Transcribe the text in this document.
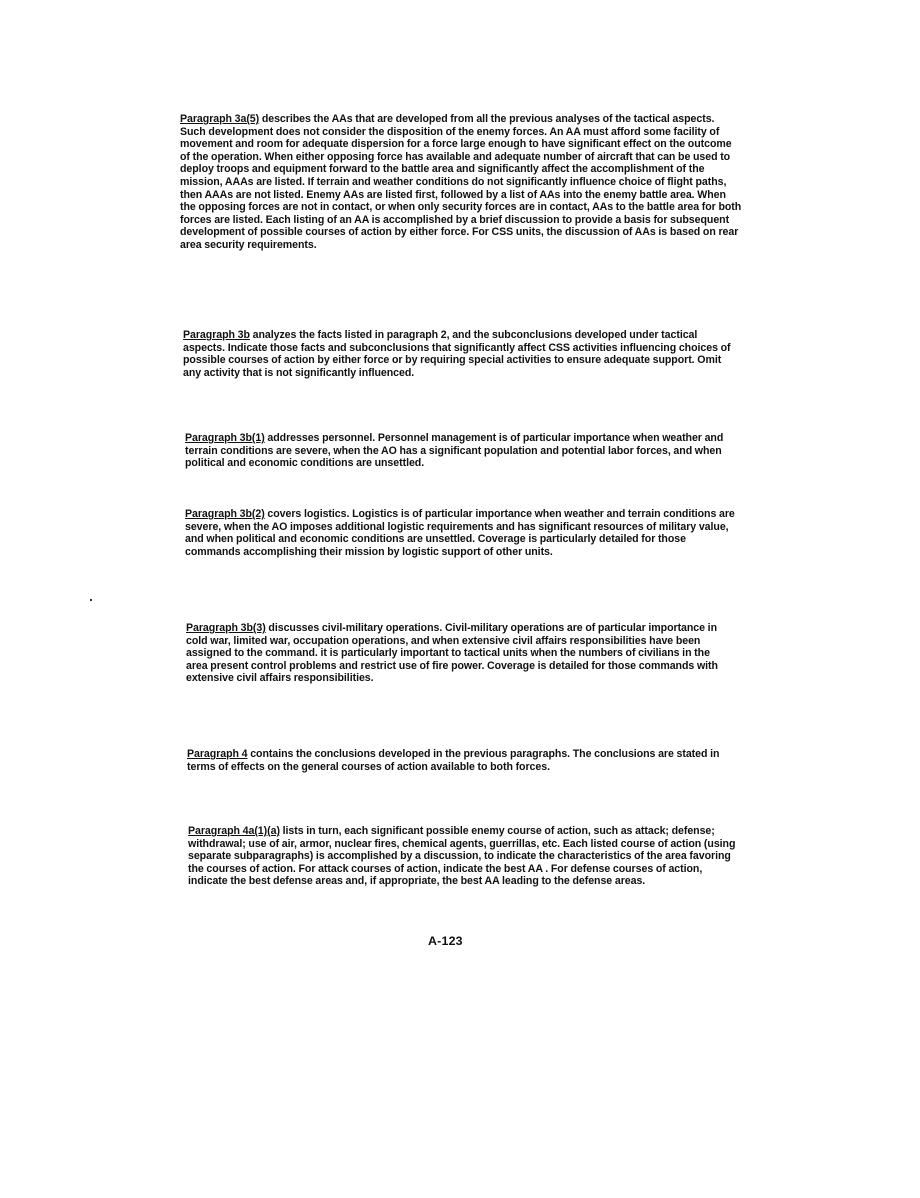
Paragraph 3a(5) describes the AAs that are developed from all the previous analyses of the tactical aspects. Such development does not consider the disposition of the enemy forces. An AA must afford some facility of movement and room for adequate dispersion for a force large enough to have significant effect on the outcome of the operation. When either opposing force has available and adequate number of aircraft that can be used to deploy troops and equipment forward to the battle area and significantly affect the accomplishment of the mission, AAAs are listed. If terrain and weather conditions do not significantly influence choice of flight paths, then AAAs are not listed. Enemy AAs are listed first, followed by a list of AAs into the enemy battle area. When the opposing forces are not in contact, or when only security forces are in contact, AAs to the battle area for both forces are listed. Each listing of an AA is accomplished by a brief discussion to provide a basis for subsequent development of possible courses of action by either force. For CSS units, the discussion of AAs is based on rear area security requirements.

Paragraph 3b analyzes the facts listed in paragraph 2, and the subconclusions developed under tactical aspects. Indicate those facts and subconclusions that significantly affect CSS activities influencing choices of possible courses of action by either force or by requiring special activities to ensure adequate support. Omit any activity that is not significantly influenced.

Paragraph 3b(1) addresses personnel. Personnel management is of particular importance when weather and terrain conditions are severe, when the AO has a significant population and potential labor forces, and when political and economic conditions are unsettled.

Paragraph 3b(2) covers logistics. Logistics is of particular importance when weather and terrain conditions are severe, when the AO imposes additional logistic requirements and has significant resources of military value, and when political and economic conditions are unsettled. Coverage is particularly detailed for those commands accomplishing their mission by logistic support of other units.

Paragraph 3b(3) discusses civil-military operations. Civil-military operations are of particular importance in cold war, limited war, occupation operations, and when extensive civil affairs responsibilities have been assigned to the command. it is particularly important to tactical units when the numbers of civilians in the area present control problems and restrict use of fire power. Coverage is detailed for those commands with extensive civil affairs responsibilities.

Paragraph 4 contains the conclusions developed in the previous paragraphs. The conclusions are stated in terms of effects on the general courses of action available to both forces.

Paragraph 4a(1)(a) lists in turn, each significant possible enemy course of action, such as attack; defense; withdrawal; use of air, armor, nuclear fires, chemical agents, guerrillas, etc. Each listed course of action (using separate subparagraphs) is accomplished by a discussion, to indicate the characteristics of the area favoring the courses of action. For attack courses of action, indicate the best AA . For defense courses of action, indicate the best defense areas and, if appropriate, the best AA leading to the defense areas.

A-123
